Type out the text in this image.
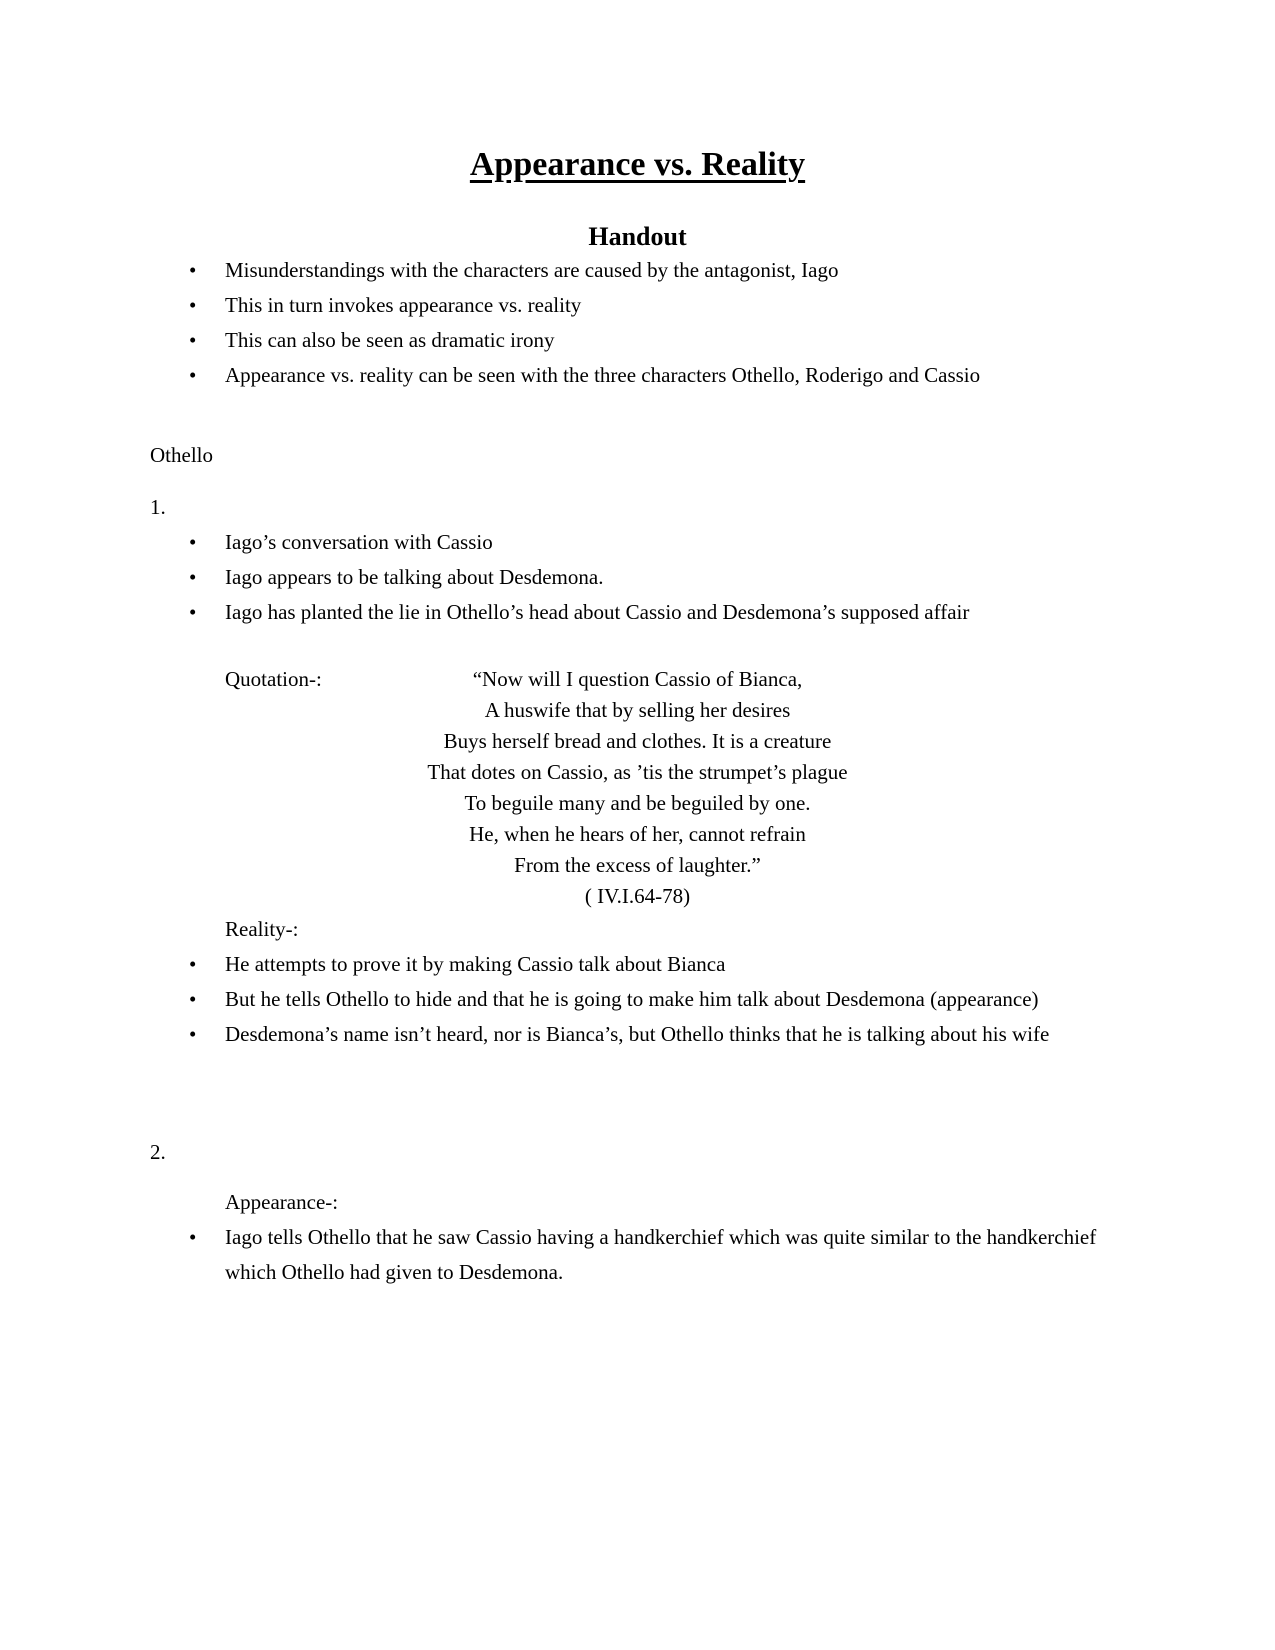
Appearance vs. Reality
Handout
• Misunderstandings with the characters are caused by the antagonist, Iago
• This in turn invokes appearance vs. reality
• This can also be seen as dramatic irony
• Appearance vs. reality can be seen with the three characters Othello, Roderigo and Cassio

Othello

1.

• Iago’s conversation with Cassio
• Iago appears to be talking about Desdemona.
• Iago has planted the lie in Othello’s head about Cassio and Desdemona’s supposed affair
Quotation-:	“Now will I question Cassio of Bianca,
A huswife that by selling her desires
Buys herself bread and clothes. It is a creature
That dotes on Cassio, as ’tis the strumpet’s plague
To beguile many and be beguiled by one.
He, when he hears of her, cannot refrain
From the excess of laughter.”
( IV.I.64-78)

Reality-:

• He attempts to prove it by making Cassio talk about Bianca
• But he tells Othello to hide and that he is going to make him talk about Desdemona (appearance)
• Desdemona’s name isn’t heard, nor is Bianca’s, but Othello thinks that he is talking about his wife

2.

Appearance-:

• Iago tells Othello that he saw Cassio having a handkerchief which was quite similar to the handkerchief which Othello had given to Desdemona.
